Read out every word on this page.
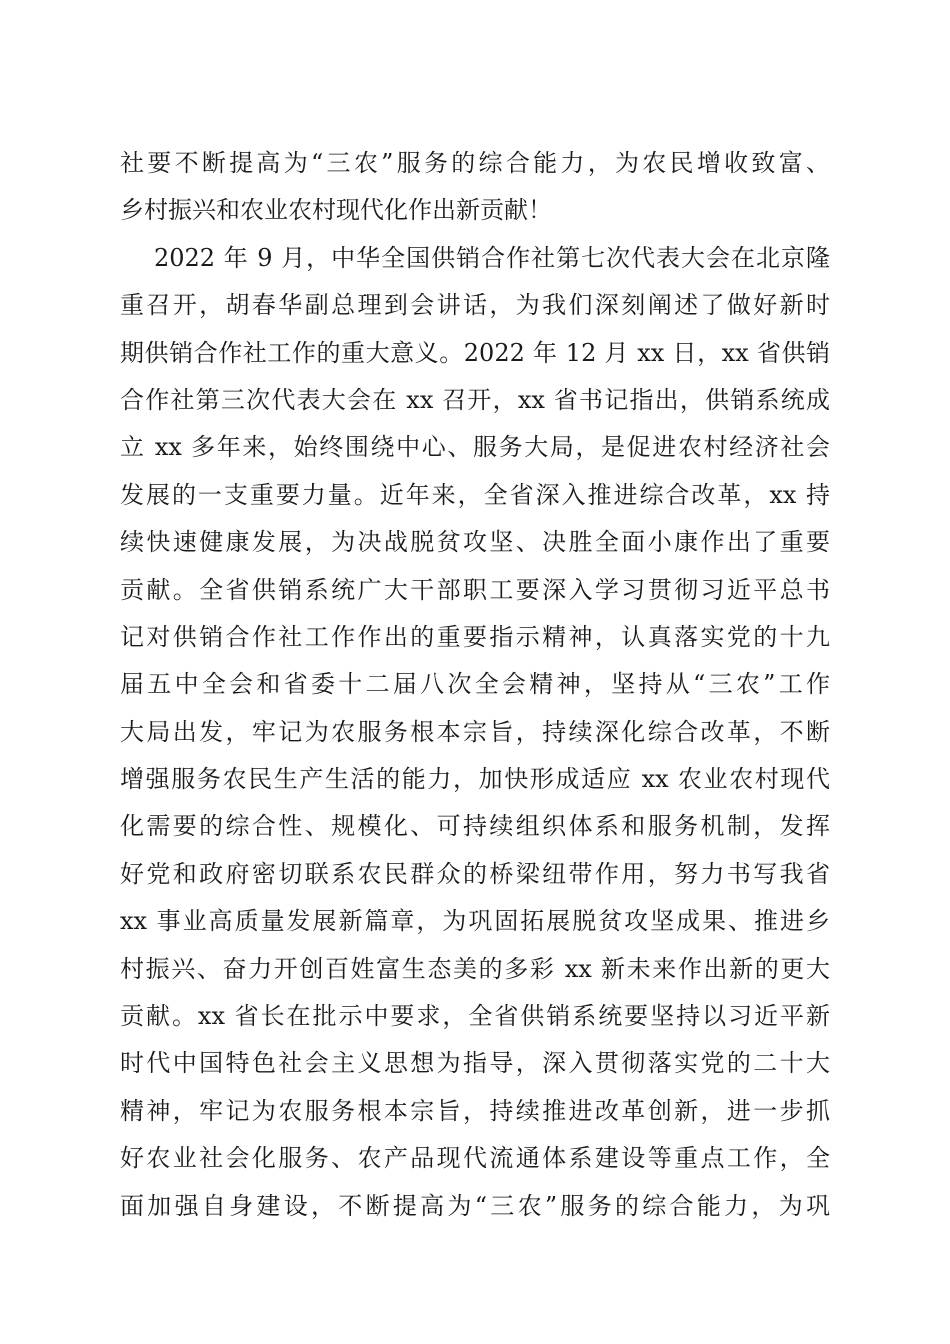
社要不断提高为“三农”服务的综合能力，为农民增收致富、
乡村振兴和农业农村现代化作出新贡献！
2022 年 9 月，中华全国供销合作社第七次代表大会在北京隆
重召开，胡春华副总理到会讲话，为我们深刻阐述了做好新时
期供销合作社工作的重大意义。2022 年 12 月 xx 日，xx 省供销
合作社第三次代表大会在 xx 召开，xx 省书记指出，供销系统成
立 xx 多年来，始终围绕中心、服务大局，是促进农村经济社会
发展的一支重要力量。近年来，全省深入推进综合改革，xx 持
续快速健康发展，为决战脱贫攻坚、决胜全面小康作出了重要
贡献。全省供销系统广大干部职工要深入学习贯彻习近平总书
记对供销合作社工作作出的重要指示精神，认真落实党的十九
届五中全会和省委十二届八次全会精神，坚持从“三农”工作
大局出发，牢记为农服务根本宗旨，持续深化综合改革，不断
增强服务农民生产生活的能力，加快形成适应 xx 农业农村现代
化需要的综合性、规模化、可持续组织体系和服务机制，发挥
好党和政府密切联系农民群众的桥梁纽带作用，努力书写我省
xx 事业高质量发展新篇章，为巩固拓展脱贫攻坚成果、推进乡
村振兴、奋力开创百姓富生态美的多彩 xx 新未来作出新的更大
贡献。xx 省长在批示中要求，全省供销系统要坚持以习近平新
时代中国特色社会主义思想为指导，深入贯彻落实党的二十大
精神，牢记为农服务根本宗旨，持续推进改革创新，进一步抓
好农业社会化服务、农产品现代流通体系建设等重点工作，全
面加强自身建设，不断提高为“三农”服务的综合能力，为巩
